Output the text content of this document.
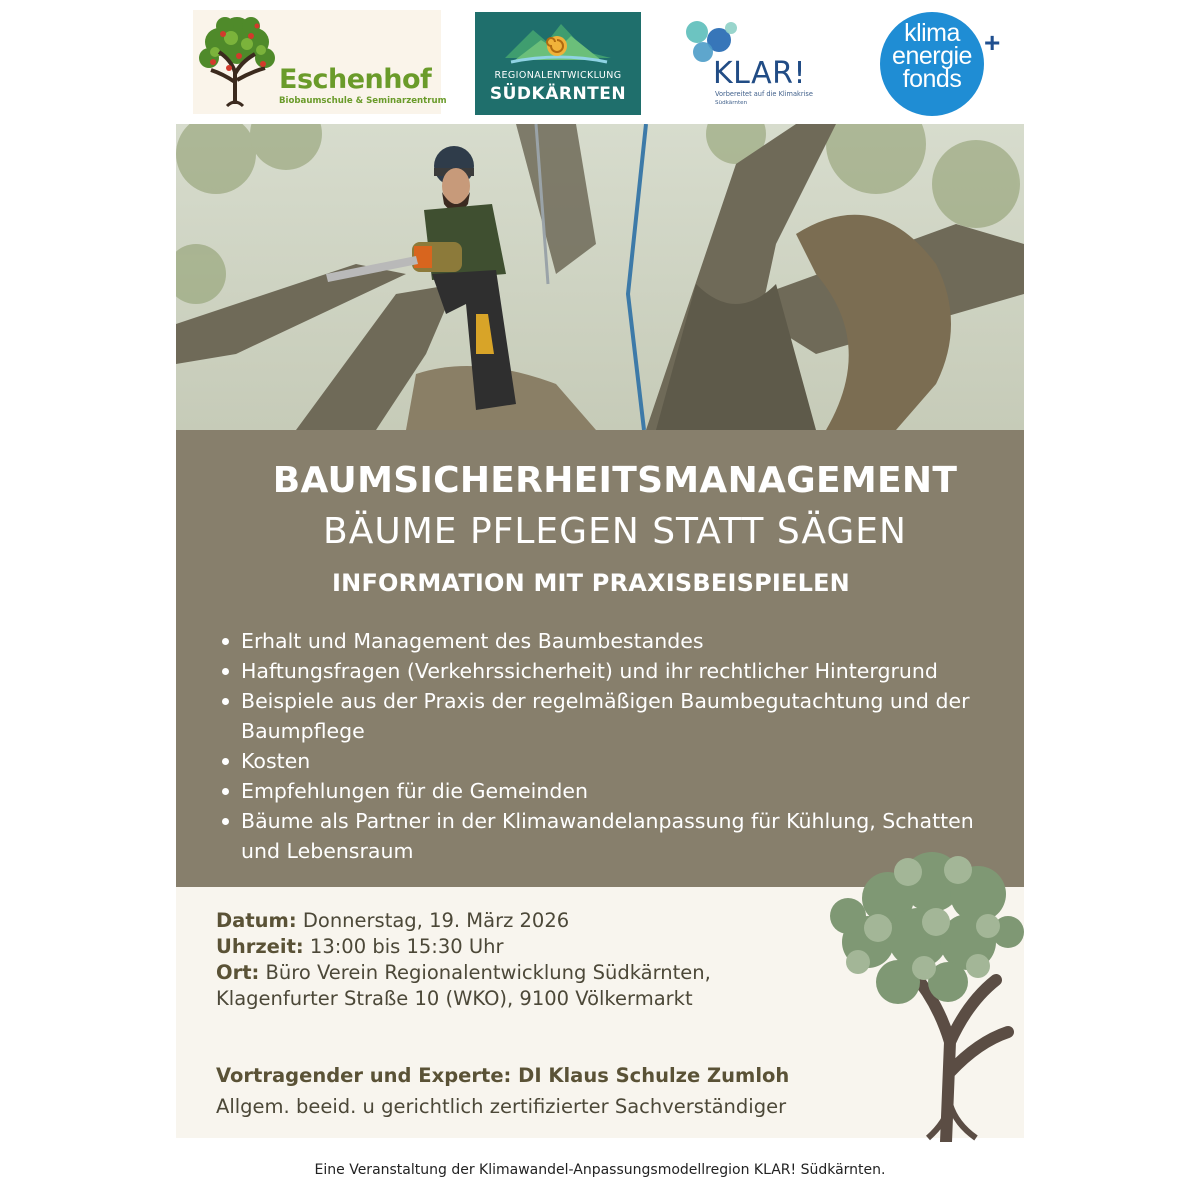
Eschenhof
Biobaumschule & Seminarzentrum
REGIONALENTWICKLUNG
SÜDKÄRNTEN
KLAR!
Vorbereitet auf die Klimakrise
Südkärnten
klima
energie
fonds
+
BAUMSICHERHEITSMANAGEMENT
BÄUME PFLEGEN STATT SÄGEN
INFORMATION MIT PRAXISBEISPIELEN
Erhalt und Management des Baumbestandes
Haftungsfragen (Verkehrssicherheit) und ihr rechtlicher Hintergrund
Beispiele aus der Praxis der regelmäßigen Baumbegutachtung und der Baumpflege
Kosten
Empfehlungen für die Gemeinden
Bäume als Partner in der Klimawandelanpassung für Kühlung, Schatten und Lebensraum
Datum: Donnerstag, 19. März 2026
Uhrzeit: 13:00 bis 15:30 Uhr
Ort: Büro Verein Regionalentwicklung Südkärnten,
Klagenfurter Straße 10 (WKO), 9100 Völkermarkt
Vortragender und Experte: DI Klaus Schulze Zumloh
Allgem. beeid. u gerichtlich zertifizierter Sachverständiger
Eine Veranstaltung der Klimawandel-Anpassungsmodellregion KLAR! Südkärnten.
